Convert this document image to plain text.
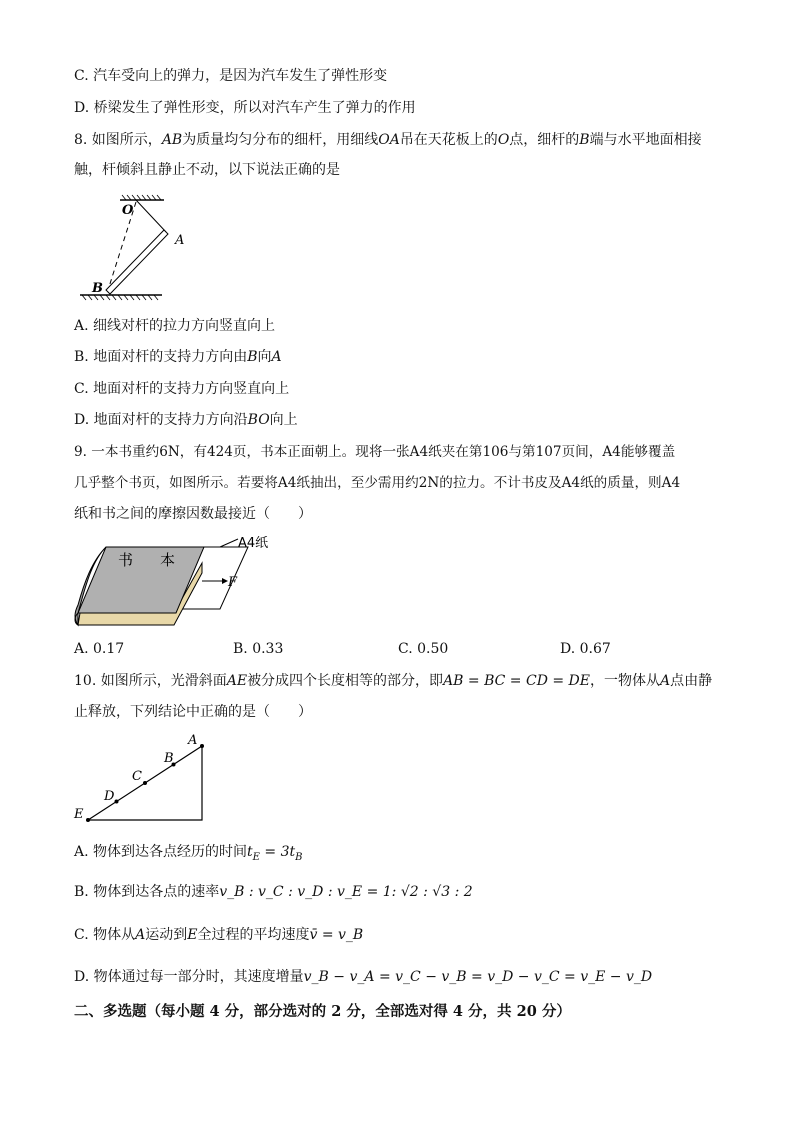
C. 汽车受向上的弹力，是因为汽车发生了弹性形变
D. 桥梁发生了弹性形变，所以对汽车产生了弹力的作用
8. 如图所示，AB为质量均匀分布的细杆，用细线OA吊在天花板上的O点，细杆的B端与水平地面相接
触，杆倾斜且静止不动，以下说法正确的是
O
A
B
A. 细线对杆的拉力方向竖直向上
B. 地面对杆的支持力方向由B向A
C. 地面对杆的支持力方向竖直向上
D. 地面对杆的支持力方向沿BO向上
9. 一本书重约6N，有424页，书本正面朝上。现将一张A4纸夹在第106与第107页间，A4能够覆盖
几乎整个书页，如图所示。若要将A4纸抽出，至少需用约2N的拉力。不计书皮及A4纸的质量，则A4
纸和书之间的摩擦因数最接近（　　）
书 本
A4纸
F
A. 0.17	B. 0.33	C. 0.50	D. 0.67
10. 如图所示，光滑斜面AE被分成四个长度相等的部分，即AB = BC = CD = DE，一物体从A点由静
止释放，下列结论中正确的是（　　）
A
B
C
D
E
A. 物体到达各点经历的时间$t_E = 3t_B$
B. 物体到达各点的速率v_B : v_C : v_D : v_E = 1: √2 : √3 : 2
C. 物体从A运动到E全过程的平均速度v̄ = v_B
D. 物体通过每一部分时，其速度增量v_B − v_A = v_C − v_B = v_D − v_C = v_E − v_D
二、多选题（每小题 4 分，部分选对的 2 分，全部选对得 4 分，共 20 分）
